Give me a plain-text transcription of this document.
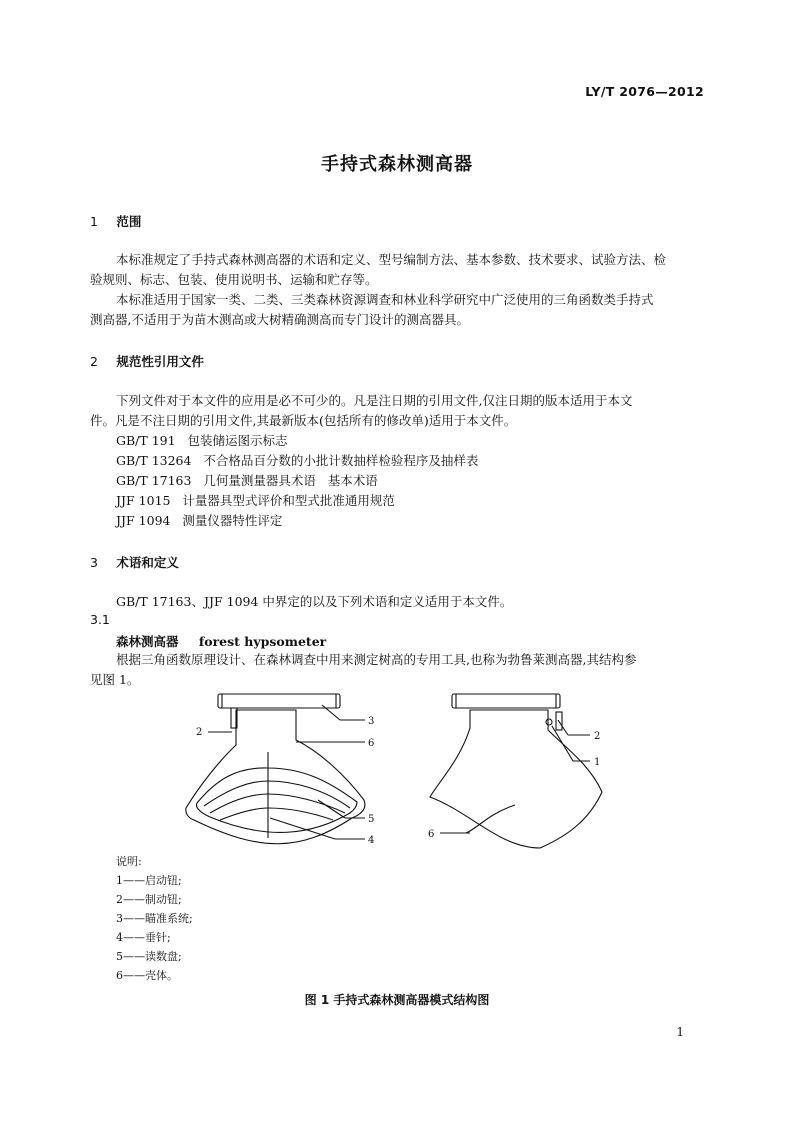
LY/T 2076—2012
手持式森林测高器
1 范围
本标准规定了手持式森林测高器的术语和定义、型号编制方法、基本参数、技术要求、试验方法、检
验规则、标志、包装、使用说明书、运输和贮存等。
本标准适用于国家一类、二类、三类森林资源调查和林业科学研究中广泛使用的三角函数类手持式
测高器,不适用于为苗木测高或大树精确测高而专门设计的测高器具。
2 规范性引用文件
下列文件对于本文件的应用是必不可少的。凡是注日期的引用文件,仅注日期的版本适用于本文
件。凡是不注日期的引用文件,其最新版本(包括所有的修改单)适用于本文件。
GB/T 191   包装储运图示标志
GB/T 13264   不合格品百分数的小批计数抽样检验程序及抽样表
GB/T 17163   几何量测量器具术语   基本术语
JJF 1015   计量器具型式评价和型式批准通用规范
JJF 1094   测量仪器特性评定
3 术语和定义
GB/T 17163、JJF 1094 中界定的以及下列术语和定义适用于本文件。
3.1
森林测高器 forest hypsometer
根据三角函数原理设计、在森林调查中用来测定树高的专用工具,也称为勃鲁莱测高器,其结构参
见图 1。
2
3
6
5
4
2
1
6
说明:
1——启动钮;
2——制动钮;
3——瞄准系统;
4——垂针;
5——读数盘;
6——壳体。
图 1 手持式森林测高器模式结构图
1
